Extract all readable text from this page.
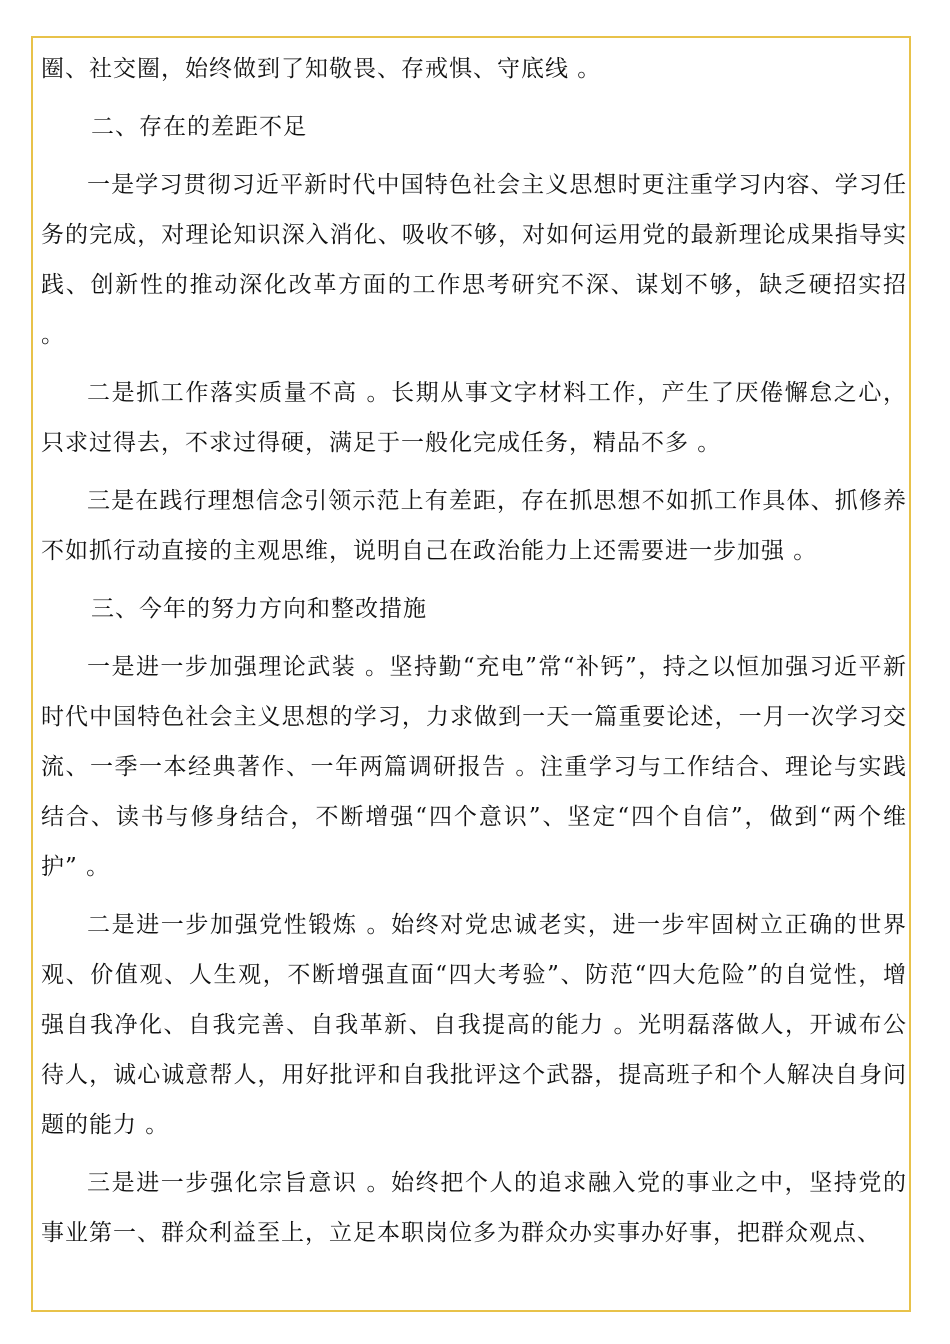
圈、社交圈，始终做到了知敬畏、存戒惧、守底线 。

二、存在的差距不足

一是学习贯彻习近平新时代中国特色社会主义思想时更注重学习内容、学习任务的完成，对理论知识深入消化、吸收不够，对如何运用党的最新理论成果指导实践、创新性的推动深化改革方面的工作思考研究不深、谋划不够，缺乏硬招实招 。

二是抓工作落实质量不高 。长期从事文字材料工作，产生了厌倦懈怠之心，只求过得去，不求过得硬，满足于一般化完成任务，精品不多 。

三是在践行理想信念引领示范上有差距，存在抓思想不如抓工作具体、抓修养不如抓行动直接的主观思维，说明自己在政治能力上还需要进一步加强 。

三、今年的努力方向和整改措施

一是进一步加强理论武装 。坚持勤“充电”常“补钙”，持之以恒加强习近平新时代中国特色社会主义思想的学习，力求做到一天一篇重要论述，一月一次学习交流、一季一本经典著作、一年两篇调研报告 。注重学习与工作结合、理论与实践结合、读书与修身结合，不断增强“四个意识”、坚定“四个自信”，做到“两个维护” 。

二是进一步加强党性锻炼 。始终对党忠诚老实，进一步牢固树立正确的世界观、价值观、人生观，不断增强直面“四大考验”、防范“四大危险”的自觉性，增强自我净化、自我完善、自我革新、自我提高的能力 。光明磊落做人，开诚布公待人，诚心诚意帮人，用好批评和自我批评这个武器，提高班子和个人解决自身问题的能力 。

三是进一步强化宗旨意识 。始终把个人的追求融入党的事业之中，坚持党的事业第一、群众利益至上，立足本职岗位多为群众办实事办好事，把群众观点、
